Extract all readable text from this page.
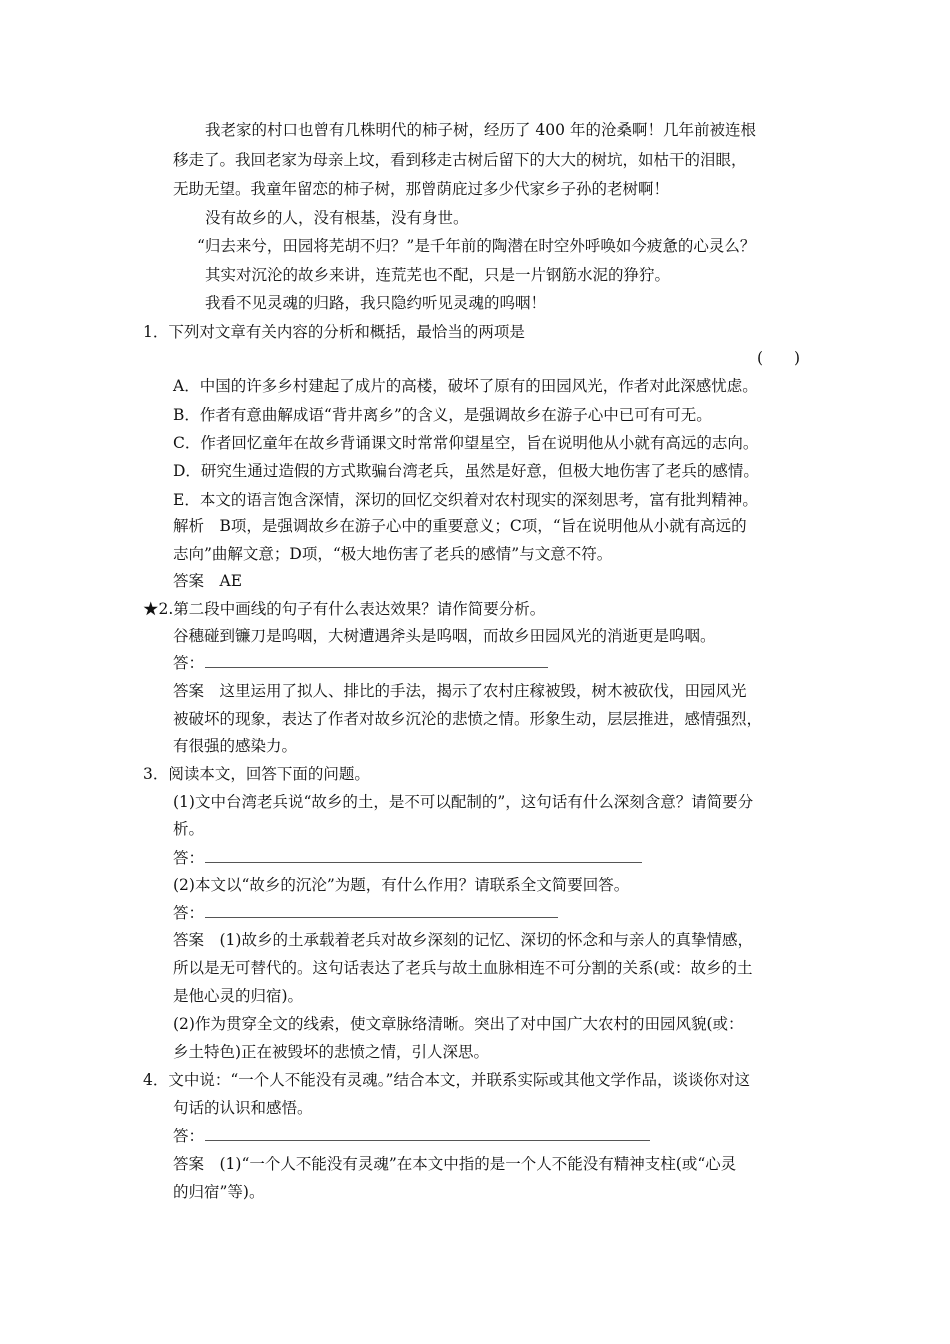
我老家的村口也曾有几株明代的柿子树，经历了 400 年的沧桑啊！几年前被连根
移走了。我回老家为母亲上坟，看到移走古树后留下的大大的树坑，如枯干的泪眼，
无助无望。我童年留恋的柿子树，那曾荫庇过多少代家乡子孙的老树啊！
没有故乡的人，没有根基，没有身世。
“归去来兮，田园将芜胡不归？”是千年前的陶潜在时空外呼唤如今疲惫的心灵么？
其实对沉沦的故乡来讲，连荒芜也不配，只是一片钢筋水泥的狰狞。
我看不见灵魂的归路，我只隐约听见灵魂的呜咽！
1．下列对文章有关内容的分析和概括，最恰当的两项是
(　　)
A．中国的许多乡村建起了成片的高楼，破坏了原有的田园风光，作者对此深感忧虑。
B．作者有意曲解成语“背井离乡”的含义，是强调故乡在游子心中已可有可无。
C．作者回忆童年在故乡背诵课文时常常仰望星空，旨在说明他从小就有高远的志向。
D．研究生通过造假的方式欺骗台湾老兵，虽然是好意，但极大地伤害了老兵的感情。
E．本文的语言饱含深情，深切的回忆交织着对农村现实的深刻思考，富有批判精神。
解析　B项，是强调故乡在游子心中的重要意义；C项，“旨在说明他从小就有高远的
志向”曲解文意；D项，“极大地伤害了老兵的感情”与文意不符。
答案　AE
★2.第二段中画线的句子有什么表达效果？请作简要分析。
谷穗碰到镰刀是呜咽，大树遭遇斧头是呜咽，而故乡田园风光的消逝更是呜咽。
答：
答案　这里运用了拟人、排比的手法，揭示了农村庄稼被毁，树木被砍伐，田园风光
被破坏的现象，表达了作者对故乡沉沦的悲愤之情。形象生动，层层推进，感情强烈，
有很强的感染力。
3．阅读本文，回答下面的问题。
(1)文中台湾老兵说“故乡的土，是不可以配制的”，这句话有什么深刻含意？请简要分
析。
答：
(2)本文以“故乡的沉沦”为题，有什么作用？请联系全文简要回答。
答：
答案　(1)故乡的土承载着老兵对故乡深刻的记忆、深切的怀念和与亲人的真挚情感，
所以是无可替代的。这句话表达了老兵与故土血脉相连不可分割的关系(或：故乡的土
是他心灵的归宿)。
(2)作为贯穿全文的线索，使文章脉络清晰。突出了对中国广大农村的田园风貌(或：
乡土特色)正在被毁坏的悲愤之情，引人深思。
4．文中说：“一个人不能没有灵魂。”结合本文，并联系实际或其他文学作品，谈谈你对这
句话的认识和感悟。
答：
答案　(1)“一个人不能没有灵魂”在本文中指的是一个人不能没有精神支柱(或“心灵
的归宿”等)。
